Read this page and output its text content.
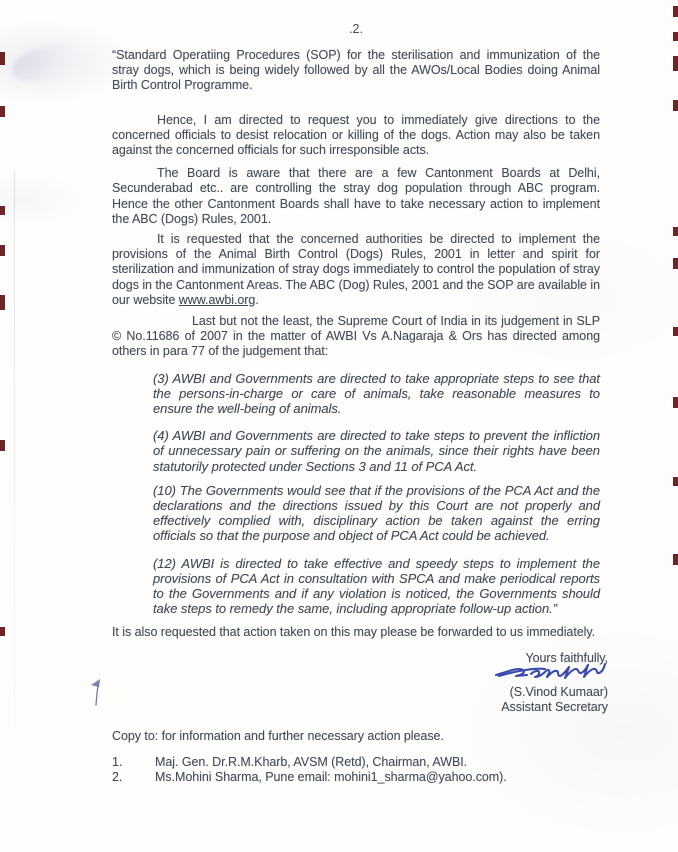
.2.

“Standard Operatiing Procedures (SOP) for the sterilisation and immunization of the stray dogs, which is being widely followed by all the AWOs/Local Bodies doing Animal Birth Control Programme.

Hence, I am directed to request you to immediately give directions to the concerned officials to desist relocation or killing of the dogs. Action may also be taken against the concerned officials for such irresponsible acts.

The Board is aware that there are a few Cantonment Boards at Delhi, Secunderabad etc.. are controlling the stray dog population through ABC program. Hence the other Cantonment Boards shall have to take necessary action to implement the ABC (Dogs) Rules, 2001.

It is requested that the concerned authorities be directed to implement the provisions of the Animal Birth Control (Dogs) Rules, 2001 in letter and spirit for sterilization and immunization of stray dogs immediately to control the population of stray dogs in the Cantonment Areas. The ABC (Dog) Rules, 2001 and the SOP are available in our website www.awbi.org.

Last but not the least, the Supreme Court of India in its judgement in SLP © No.11686 of 2007 in the matter of AWBI Vs A.Nagaraja & Ors has directed among others in para 77 of the judgement that:

(3) AWBI and Governments are directed to take appropriate steps to see that the persons-in-charge or care of animals, take reasonable measures to ensure the well-being of animals.

(4) AWBI and Governments are directed to take steps to prevent the infliction of unnecessary pain or suffering on the animals, since their rights have been statutorily protected under Sections 3 and 11 of PCA Act.

(10) The Governments would see that if the provisions of the PCA Act and the declarations and the directions issued by this Court are not properly and effectively complied with, disciplinary action be taken against the erring officials so that the purpose and object of PCA Act could be achieved.

(12) AWBI is directed to take effective and speedy steps to implement the provisions of PCA Act in consultation with SPCA and make periodical reports to the Governments and if any violation is noticed, the Governments should take steps to remedy the same, including appropriate follow-up action.”

It is also requested that action taken on this may please be forwarded to us immediately.

Yours faithfully,
(S.Vinod Kumaar)
Assistant Secretary
Copy to: for information and further necessary action please.
1.	Maj. Gen. Dr.R.M.Kharb, AVSM (Retd), Chairman, AWBI.
2.	Ms.Mohini Sharma, Pune email: mohini1_sharma@yahoo.com).
